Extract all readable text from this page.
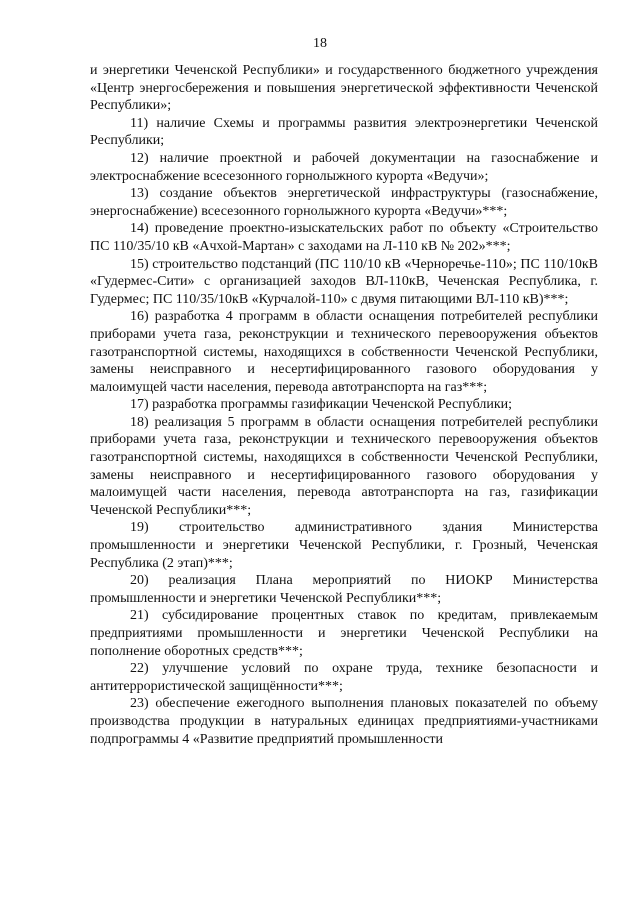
18

и энергетики Чеченской Республики» и государственного бюджетного учреждения «Центр энергосбережения и повышения энергетической эффективности Чеченской Республики»;

11) наличие Схемы и программы развития электроэнергетики Чеченской Республики;

12) наличие проектной и рабочей документации на газоснабжение и электроснабжение всесезонного горнолыжного курорта «Ведучи»;

13) создание объектов энергетической инфраструктуры (газоснабжение, энергоснабжение) всесезонного горнолыжного курорта «Ведучи»***;

14) проведение проектно-изыскательских работ по объекту «Строительство ПС 110/35/10 кВ «Ачхой-Мартан» с заходами на Л-110 кВ № 202»***;

15) строительство подстанций (ПС 110/10 кВ «Черноречье-110»; ПС 110/10кВ «Гудермес-Сити» с организацией заходов ВЛ-110кВ, Чеченская Республика, г. Гудермес; ПС 110/35/10кВ «Курчалой-110» с двумя питающими ВЛ-110 кВ)***;

16) разработка 4 программ в области оснащения потребителей республики приборами учета газа, реконструкции и технического перевооружения объектов газотранспортной системы, находящихся в собственности Чеченской Республики, замены неисправного и несертифицированного газового оборудования у малоимущей части населения, перевода автотранспорта на газ***;

17) разработка программы газификации Чеченской Республики;

18) реализация 5 программ в области оснащения потребителей республики приборами учета газа, реконструкции и технического перевооружения объектов газотранспортной системы, находящихся в собственности Чеченской Республики, замены неисправного и несертифицированного газового оборудования у малоимущей части населения, перевода автотранспорта на газ, газификации Чеченской Республики***;

19) строительство административного здания Министерства промышленности и энергетики Чеченской Республики, г. Грозный, Чеченская Республика (2 этап)***;

20) реализация Плана мероприятий по НИОКР Министерства промышленности и энергетики Чеченской Республики***;

21) субсидирование процентных ставок по кредитам, привлекаемым предприятиями промышленности и энергетики Чеченской Республики на пополнение оборотных средств***;

22) улучшение условий по охране труда, технике безопасности и антитеррористической защищённости***;

23) обеспечение ежегодного выполнения плановых показателей по объему производства продукции в натуральных единицах предприятиями-участниками подпрограммы 4 «Развитие предприятий промышленности
